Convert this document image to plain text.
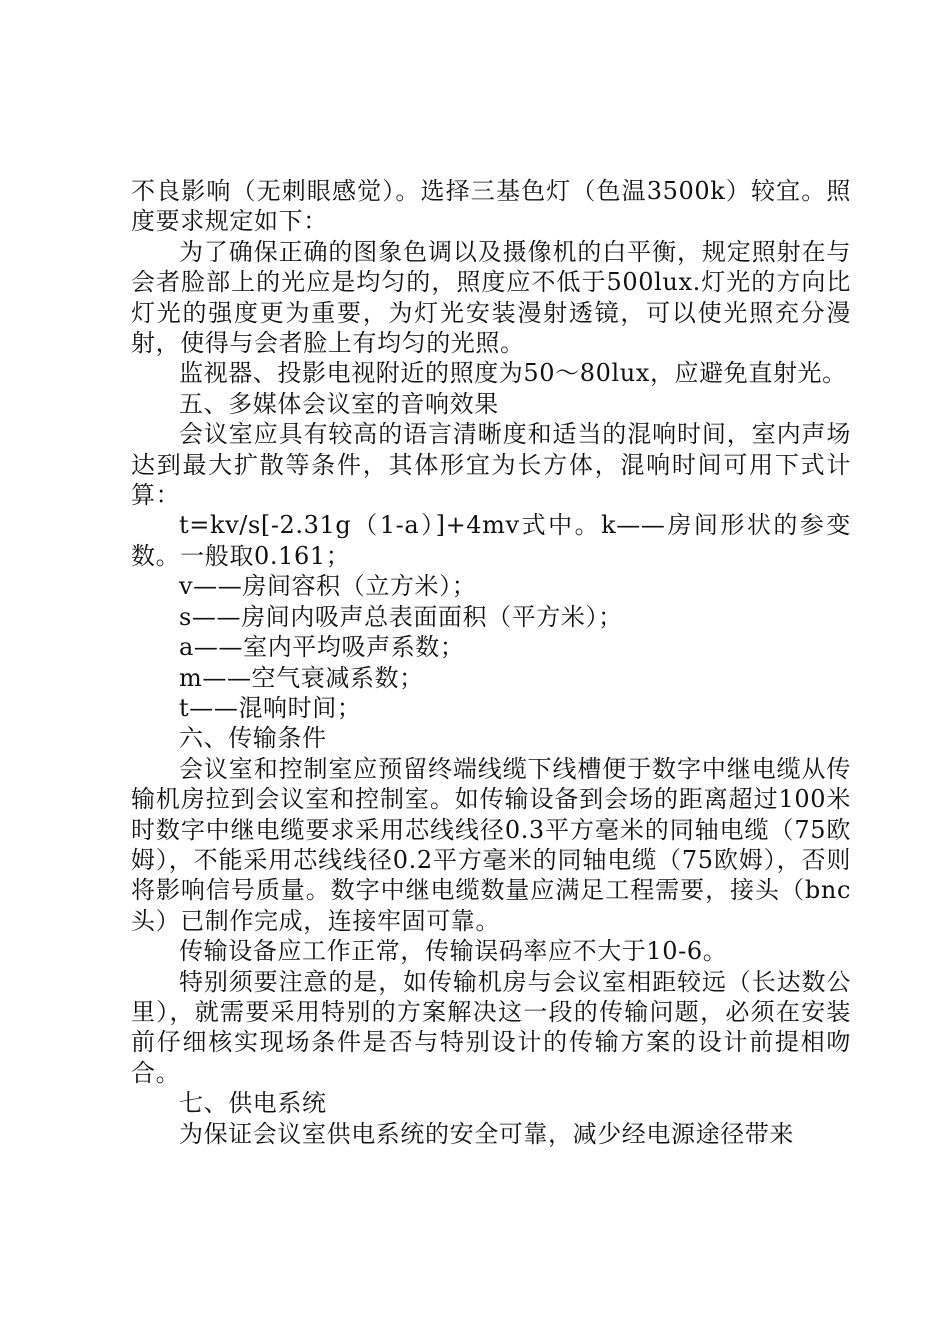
不良影响（无刺眼感觉）。选择三基色灯（色温3500k）较宜。照度要求规定如下：

为了确保正确的图象色调以及摄像机的白平衡，规定照射在与会者脸部上的光应是均匀的，照度应不低于500lux.灯光的方向比灯光的强度更为重要，为灯光安装漫射透镜，可以使光照充分漫射，使得与会者脸上有均匀的光照。

监视器、投影电视附近的照度为50～80lux，应避免直射光。

五、多媒体会议室的音响效果

会议室应具有较高的语言清晰度和适当的混响时间，室内声场达到最大扩散等条件，其体形宜为长方体，混响时间可用下式计算：

t=kv/s[-2.31g（1-a）]+4mv式中。k——房间形状的参变数。一般取0.161；

v——房间容积（立方米）；

s——房间内吸声总表面面积（平方米）；

a——室内平均吸声系数；

m——空气衰减系数；

t——混响时间；

六、传输条件

会议室和控制室应预留终端线缆下线槽便于数字中继电缆从传输机房拉到会议室和控制室。如传输设备到会场的距离超过100米时数字中继电缆要求采用芯线线径0.3平方毫米的同轴电缆（75欧姆），不能采用芯线线径0.2平方毫米的同轴电缆（75欧姆），否则将影响信号质量。数字中继电缆数量应满足工程需要，接头（bnc头）已制作完成，连接牢固可靠。

传输设备应工作正常，传输误码率应不大于10-6。

特别须要注意的是，如传输机房与会议室相距较远（长达数公里），就需要采用特别的方案解决这一段的传输问题，必须在安装前仔细核实现场条件是否与特别设计的传输方案的设计前提相吻合。

七、供电系统

为保证会议室供电系统的安全可靠，减少经电源途径带来
